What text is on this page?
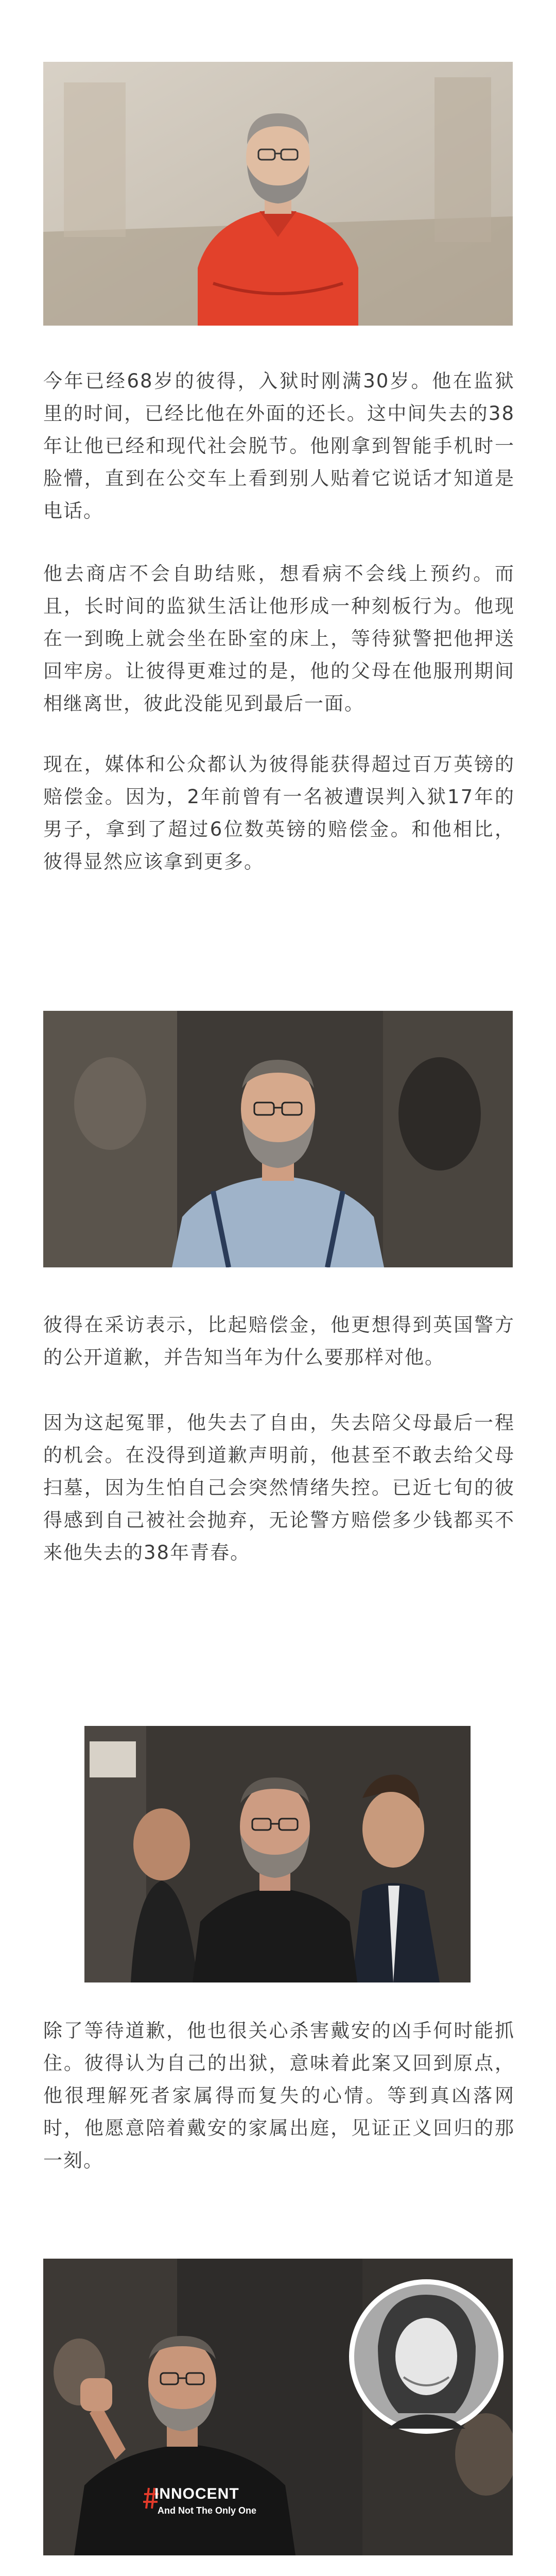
今年已经68岁的彼得，入狱时刚满30岁。他在监狱里的时间，已经比他在外面的还长。这中间失去的38年让他已经和现代社会脱节。他刚拿到智能手机时一脸懵，直到在公交车上看到别人贴着它说话才知道是电话。

他去商店不会自助结账，想看病不会线上预约。而且，长时间的监狱生活让他形成一种刻板行为。他现在一到晚上就会坐在卧室的床上，等待狱警把他押送回牢房。让彼得更难过的是，他的父母在他服刑期间相继离世，彼此没能见到最后一面。

现在，媒体和公众都认为彼得能获得超过百万英镑的赔偿金。因为，2年前曾有一名被遭误判入狱17年的男子，拿到了超过6位数英镑的赔偿金。和他相比，彼得显然应该拿到更多。

彼得在采访表示，比起赔偿金，他更想得到英国警方的公开道歉，并告知当年为什么要那样对他。

因为这起冤罪，他失去了自由，失去陪父母最后一程的机会。在没得到道歉声明前，他甚至不敢去给父母扫墓，因为生怕自己会突然情绪失控。已近七旬的彼得感到自己被社会抛弃，无论警方赔偿多少钱都买不来他失去的38年青春。

除了等待道歉，他也很关心杀害戴安的凶手何时能抓住。彼得认为自己的出狱，意味着此案又回到原点，他很理解死者家属得而复失的心情。等到真凶落网时，他愿意陪着戴安的家属出庭，见证正义回归的那一刻。

INNOCENT
And Not The Only One
